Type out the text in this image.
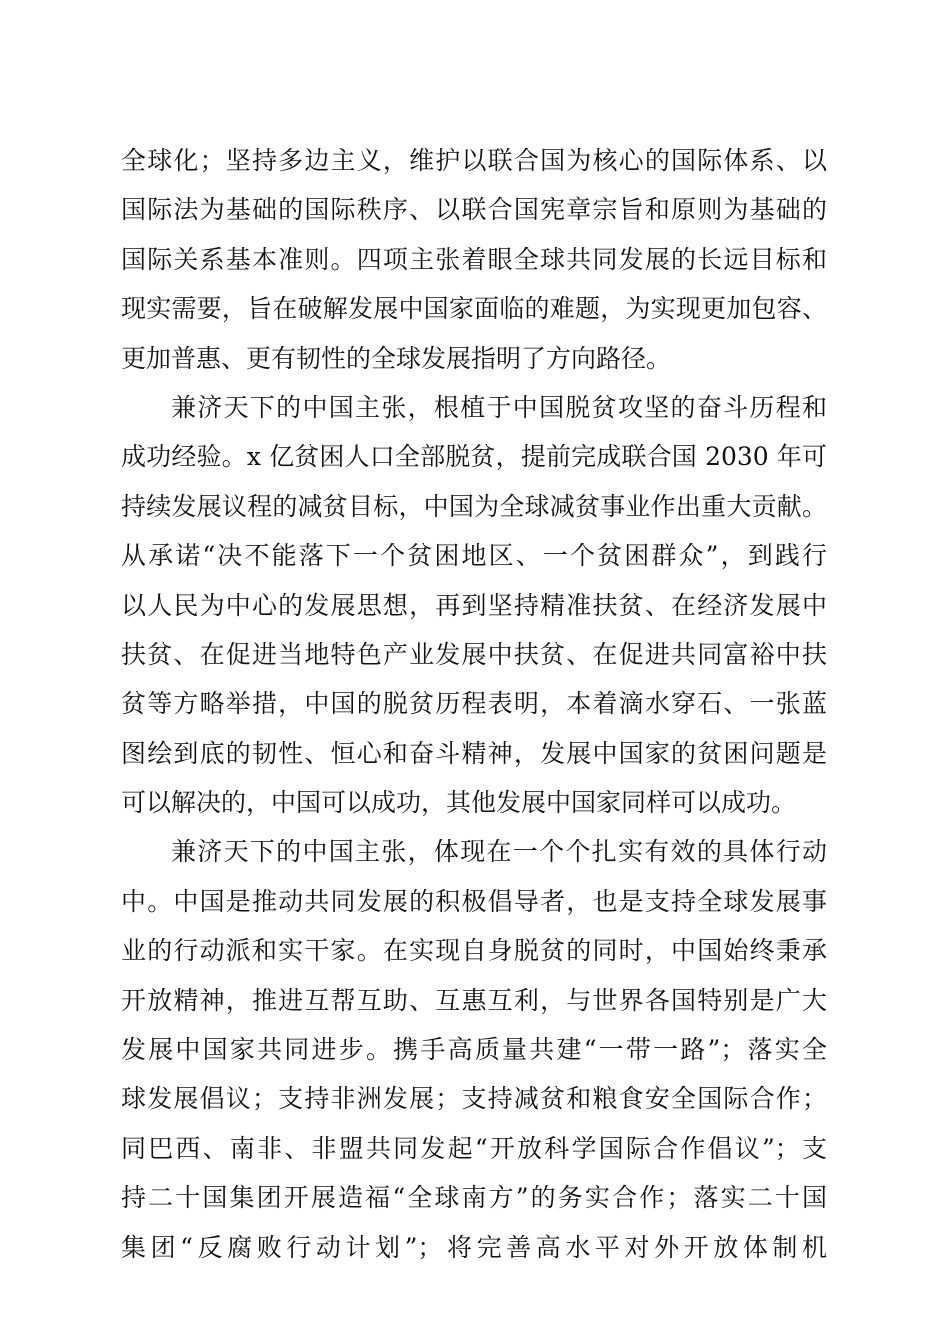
全球化；坚持多边主义，维护以联合国为核心的国际体系、以
国际法为基础的国际秩序、以联合国宪章宗旨和原则为基础的
国际关系基本准则。四项主张着眼全球共同发展的长远目标和
现实需要，旨在破解发展中国家面临的难题，为实现更加包容、
更加普惠、更有韧性的全球发展指明了方向路径。
兼济天下的中国主张，根植于中国脱贫攻坚的奋斗历程和
成功经验。x 亿贫困人口全部脱贫，提前完成联合国 2030 年可
持续发展议程的减贫目标，中国为全球减贫事业作出重大贡献。
从承诺“决不能落下一个贫困地区、一个贫困群众”，到践行
以人民为中心的发展思想，再到坚持精准扶贫、在经济发展中
扶贫、在促进当地特色产业发展中扶贫、在促进共同富裕中扶
贫等方略举措，中国的脱贫历程表明，本着滴水穿石、一张蓝
图绘到底的韧性、恒心和奋斗精神，发展中国家的贫困问题是
可以解决的，中国可以成功，其他发展中国家同样可以成功。
兼济天下的中国主张，体现在一个个扎实有效的具体行动
中。中国是推动共同发展的积极倡导者，也是支持全球发展事
业的行动派和实干家。在实现自身脱贫的同时，中国始终秉承
开放精神，推进互帮互助、互惠互利，与世界各国特别是广大
发展中国家共同进步。携手高质量共建“一带一路”；落实全
球发展倡议；支持非洲发展；支持减贫和粮食安全国际合作；
同巴西、南非、非盟共同发起“开放科学国际合作倡议”；支
持二十国集团开展造福“全球南方”的务实合作；落实二十国
集团“反腐败行动计划”；将完善高水平对外开放体制机
